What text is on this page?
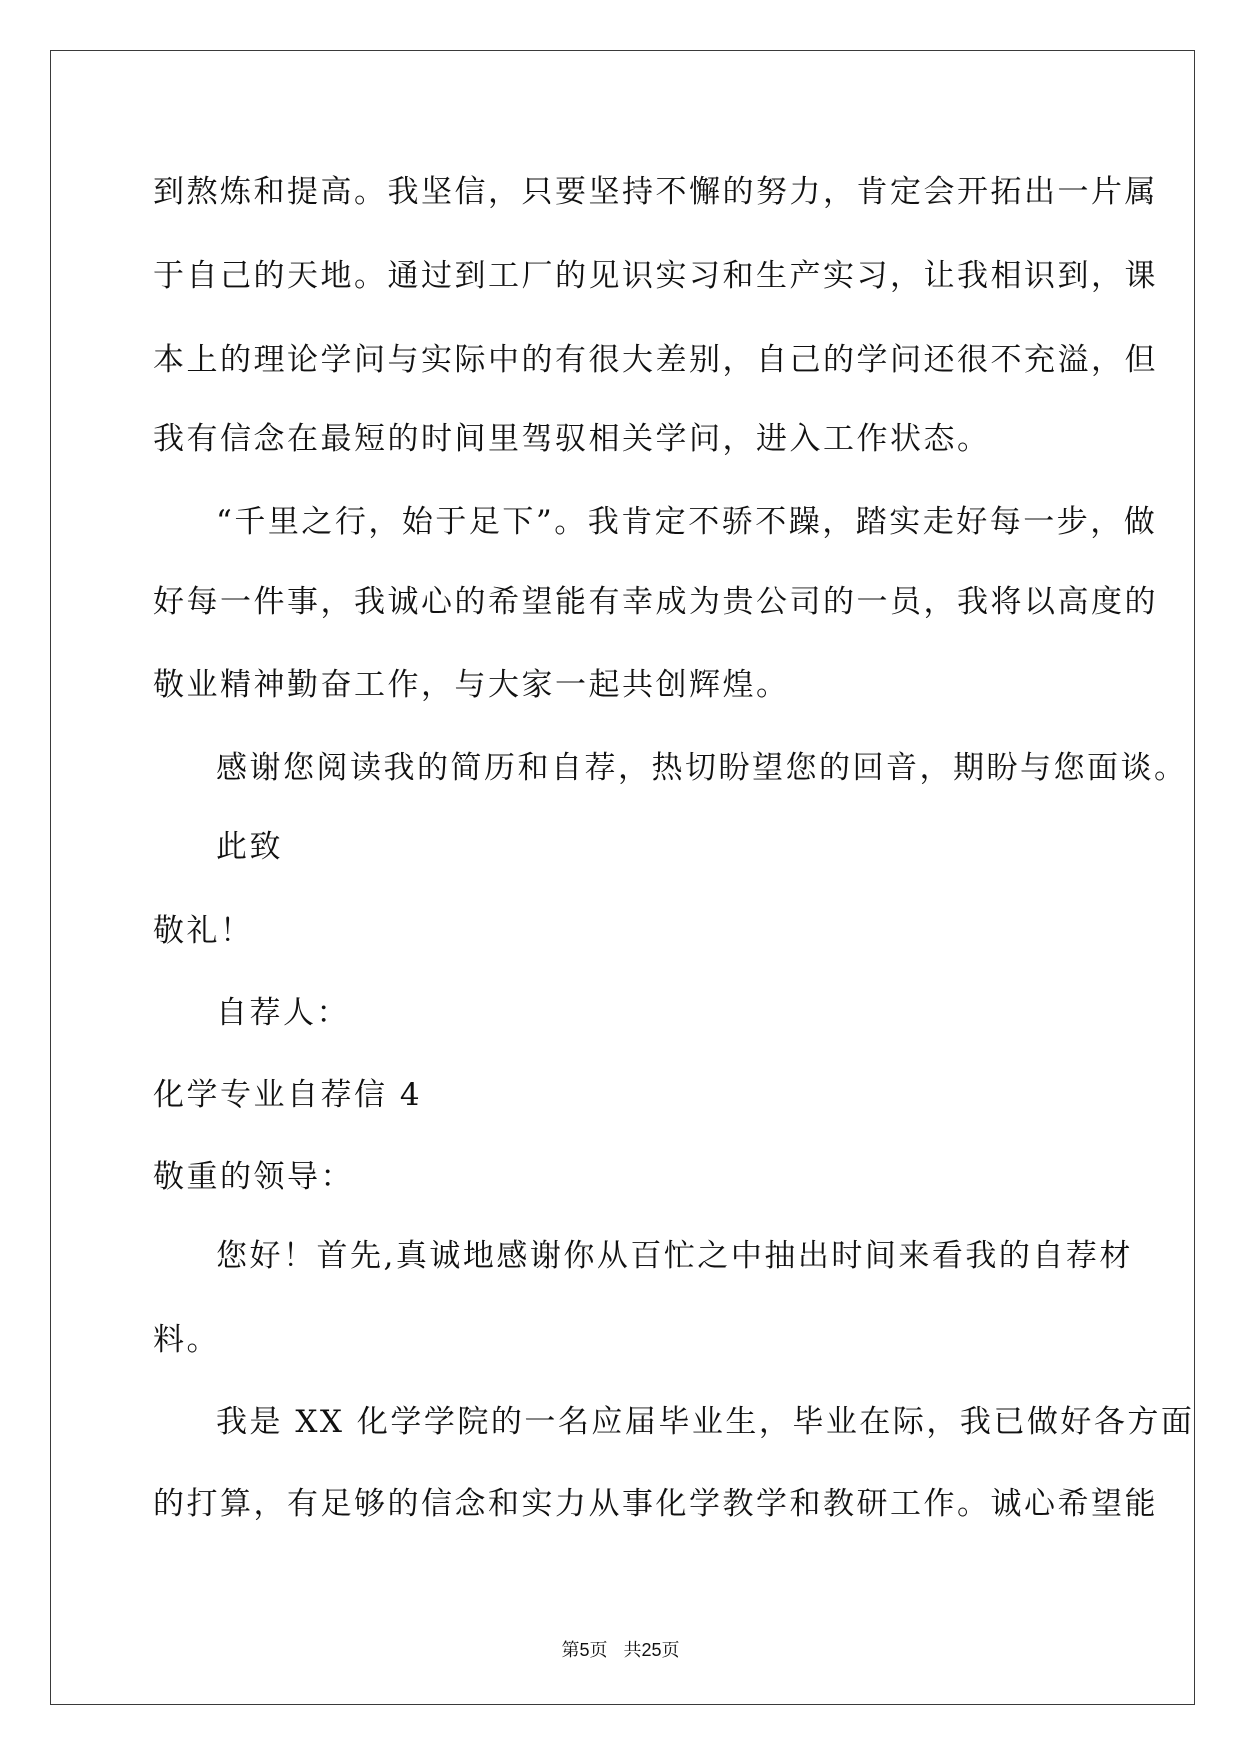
到熬炼和提高。我坚信，只要坚持不懈的努力，肯定会开拓出一片属

于自己的天地。通过到工厂的见识实习和生产实习，让我相识到，课

本上的理论学问与实际中的有很大差别，自己的学问还很不充溢，但

我有信念在最短的时间里驾驭相关学问，进入工作状态。

“千里之行，始于足下”。我肯定不骄不躁，踏实走好每一步，做

好每一件事，我诚心的希望能有幸成为贵公司的一员，我将以高度的

敬业精神勤奋工作，与大家一起共创辉煌。

感谢您阅读我的简历和自荐，热切盼望您的回音，期盼与您面谈。

此致

敬礼！

自荐人：

化学专业自荐信 4

敬重的领导：

您好！首先,真诚地感谢你从百忙之中抽出时间来看我的自荐材

料。

我是 XX 化学学院的一名应届毕业生，毕业在际，我已做好各方面

的打算，有足够的信念和实力从事化学教学和教研工作。诚心希望能

第5页 共25页
